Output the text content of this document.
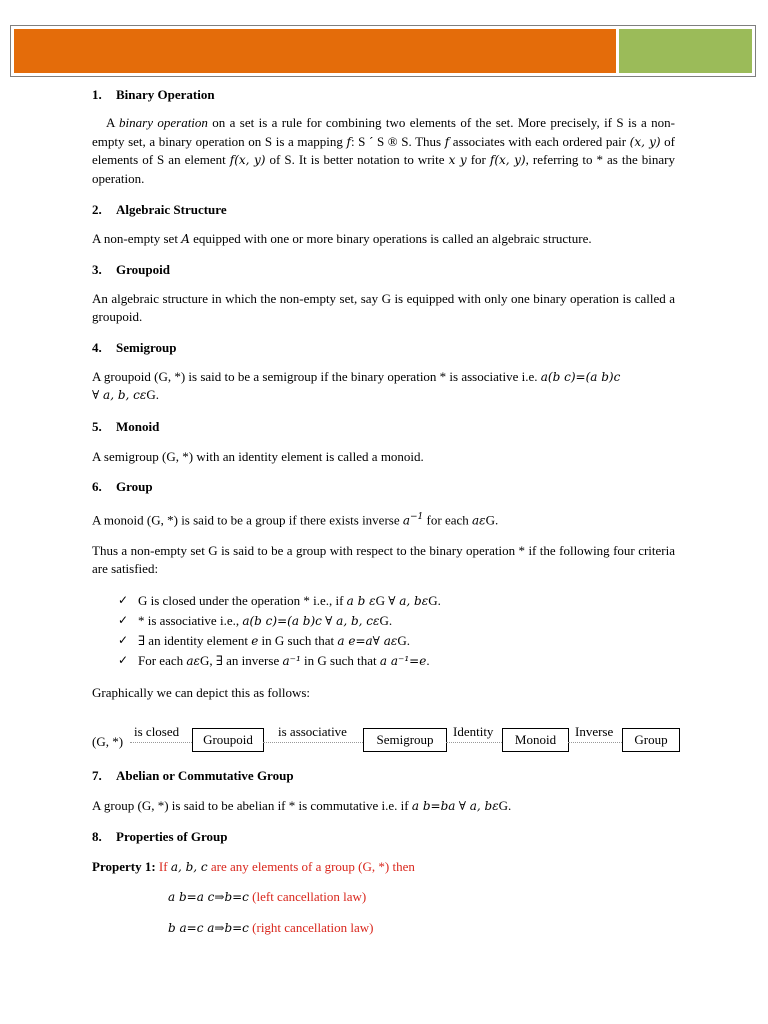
1. Binary Operation

A binary operation on a set is a rule for combining two elements of the set. More precisely, if S is a non-empty set, a binary operation on S is a mapping f: S ´ S ® S. Thus f associates with each ordered pair (x, y) of elements of S an element f(x, y) of S. It is better notation to write x y for f(x, y), referring to * as the binary operation.

2. Algebraic Structure

A non-empty set A equipped with one or more binary operations is called an algebraic structure.

3. Groupoid

An algebraic structure in which the non-empty set, say G is equipped with only one binary operation is called a groupoid.

4. Semigroup

A groupoid (G, *) is said to be a semigroup if the binary operation * is associative i.e. a(b c)=(a b)c
∀ a, b, cεG.

5. Monoid

A semigroup (G, *) with an identity element is called a monoid.

6. Group

A monoid (G, *) is said to be a group if there exists inverse $a^{-1}$ for each aεG.

Thus a non-empty set G is said to be a group with respect to the binary operation * if the following four criteria are satisfied:

✓ G is closed under the operation * i.e., if a b εG ∀ a, bεG.
✓ * is associative i.e., a(b c)=(a b)c ∀ a, b, cεG.
✓ ∃ an identity element e in G such that a e=a∀ aεG.
✓ For each aεG, ∃ an inverse a⁻¹ in G such that a a⁻¹=e.

Graphically we can depict this as follows:

(G, *)
is closed
Groupoid
is associative
Semigroup
Identity
Monoid
Inverse
Group
7. Abelian or Commutative Group

A group (G, *) is said to be abelian if * is commutative i.e. if a b=ba ∀ a, bεG.

8. Properties of Group

Property 1: If a, b, c are any elements of a group (G, *) then

a b=a c⇒b=c (left cancellation law)

b a=c a⇒b=c (right cancellation law)
